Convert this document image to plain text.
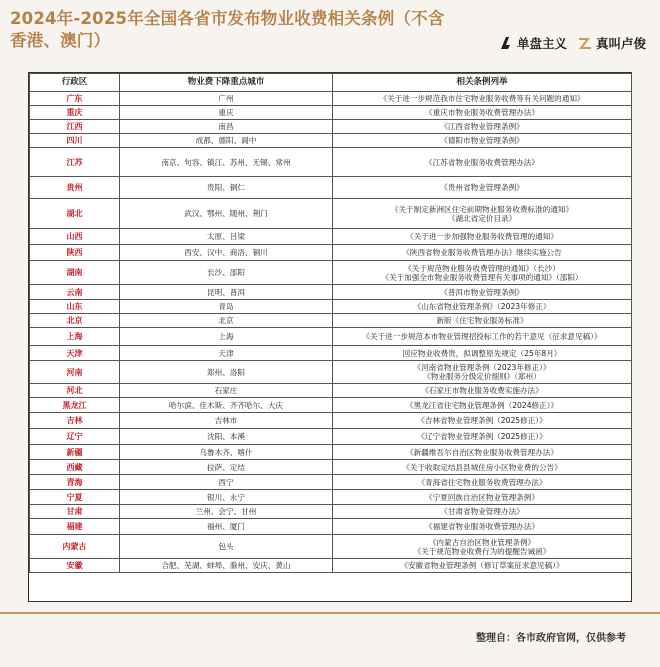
2024年-2025年全国各省市发布物业收费相关条例（不含香港、澳门）	单盘主义 真叫卢俊
行政区	物业费下降重点城市	相关条例列举
广东	广州	《关于进一步规范我市住宅物业服务收费等有关问题的通知》

重庆	重庆	《重庆市物业服务收费管理办法》

江西	南昌	《江西省物业管理条例》

四川	成都、德阳、阆中	《德阳市物业管理条例》

江苏	南京、句容、镇江、苏州、无锡、常州	《江苏省物业服务收费管理办法》

贵州	贵阳、铜仁	《贵州省物业管理条例》

湖北	武汉、鄂州、随州、荆门	《关于制定新洲区住宅前期物业服务收费标准的通知》
《湖北省定价目录》

山西	太原、吕梁	《关于进一步加强物业服务收费管理的通知》

陕西	西安、汉中、商洛、铜川	《陕西省物业服务收费管理办法》继续实施公告

湖南	长沙、邵阳	《关于规范物业服务收费管理的通知》（长沙）
《关于加强全市物业服务收费管理有关事项的通知》（邵阳）

云南	昆明、普洱	《普洱市物业管理条例》

山东	青岛	《山东省物业管理条例》（2023年修正）

北京	北京	新版《住宅物业服务标准》

上海	上海	《关于进一步规范本市物业管理招投标工作的若干意见（征求意见稿）》

天津	天津	回应物业收费贵，拟调整原先规定（25年8月）

河南	郑州、洛阳	《河南省物业管理条例（2023年修正）》
《物业服务分级定价细则》（郑州）

河北	石家庄	《石家庄市物业服务收费实施办法》

黑龙江	哈尔滨、佳木斯、齐齐哈尔、大庆	《黑龙江省住宅物业管理条例（2024修正）》

吉林	吉林市	《吉林省物业管理条例（2025修正）》

辽宁	沈阳、本溪	《辽宁省物业管理条例（2025修正）》

新疆	乌鲁木齐、喀什	《新疆维吾尔自治区物业服务收费管理办法》

西藏	拉萨、定结	《关于收取定结县县城住房小区物业费的公告》

青海	西宁	《青海省住宅物业服务收费管理办法》

宁夏	银川、永宁	《宁夏回族自治区物业管理条例》

甘肃	兰州、会宁、甘州	《甘肃省物业管理办法》

福建	福州、厦门	《福建省物业服务收费管理办法》

内蒙古	包头	《内蒙古自治区物业管理条例》
《关于规范物业收费行为的提醒告诫函》

安徽	合肥、芜湖、蚌埠、滁州、安庆、黄山	《安徽省物业管理条例（修订草案征求意见稿）》
整理自：各市政府官网，仅供参考
